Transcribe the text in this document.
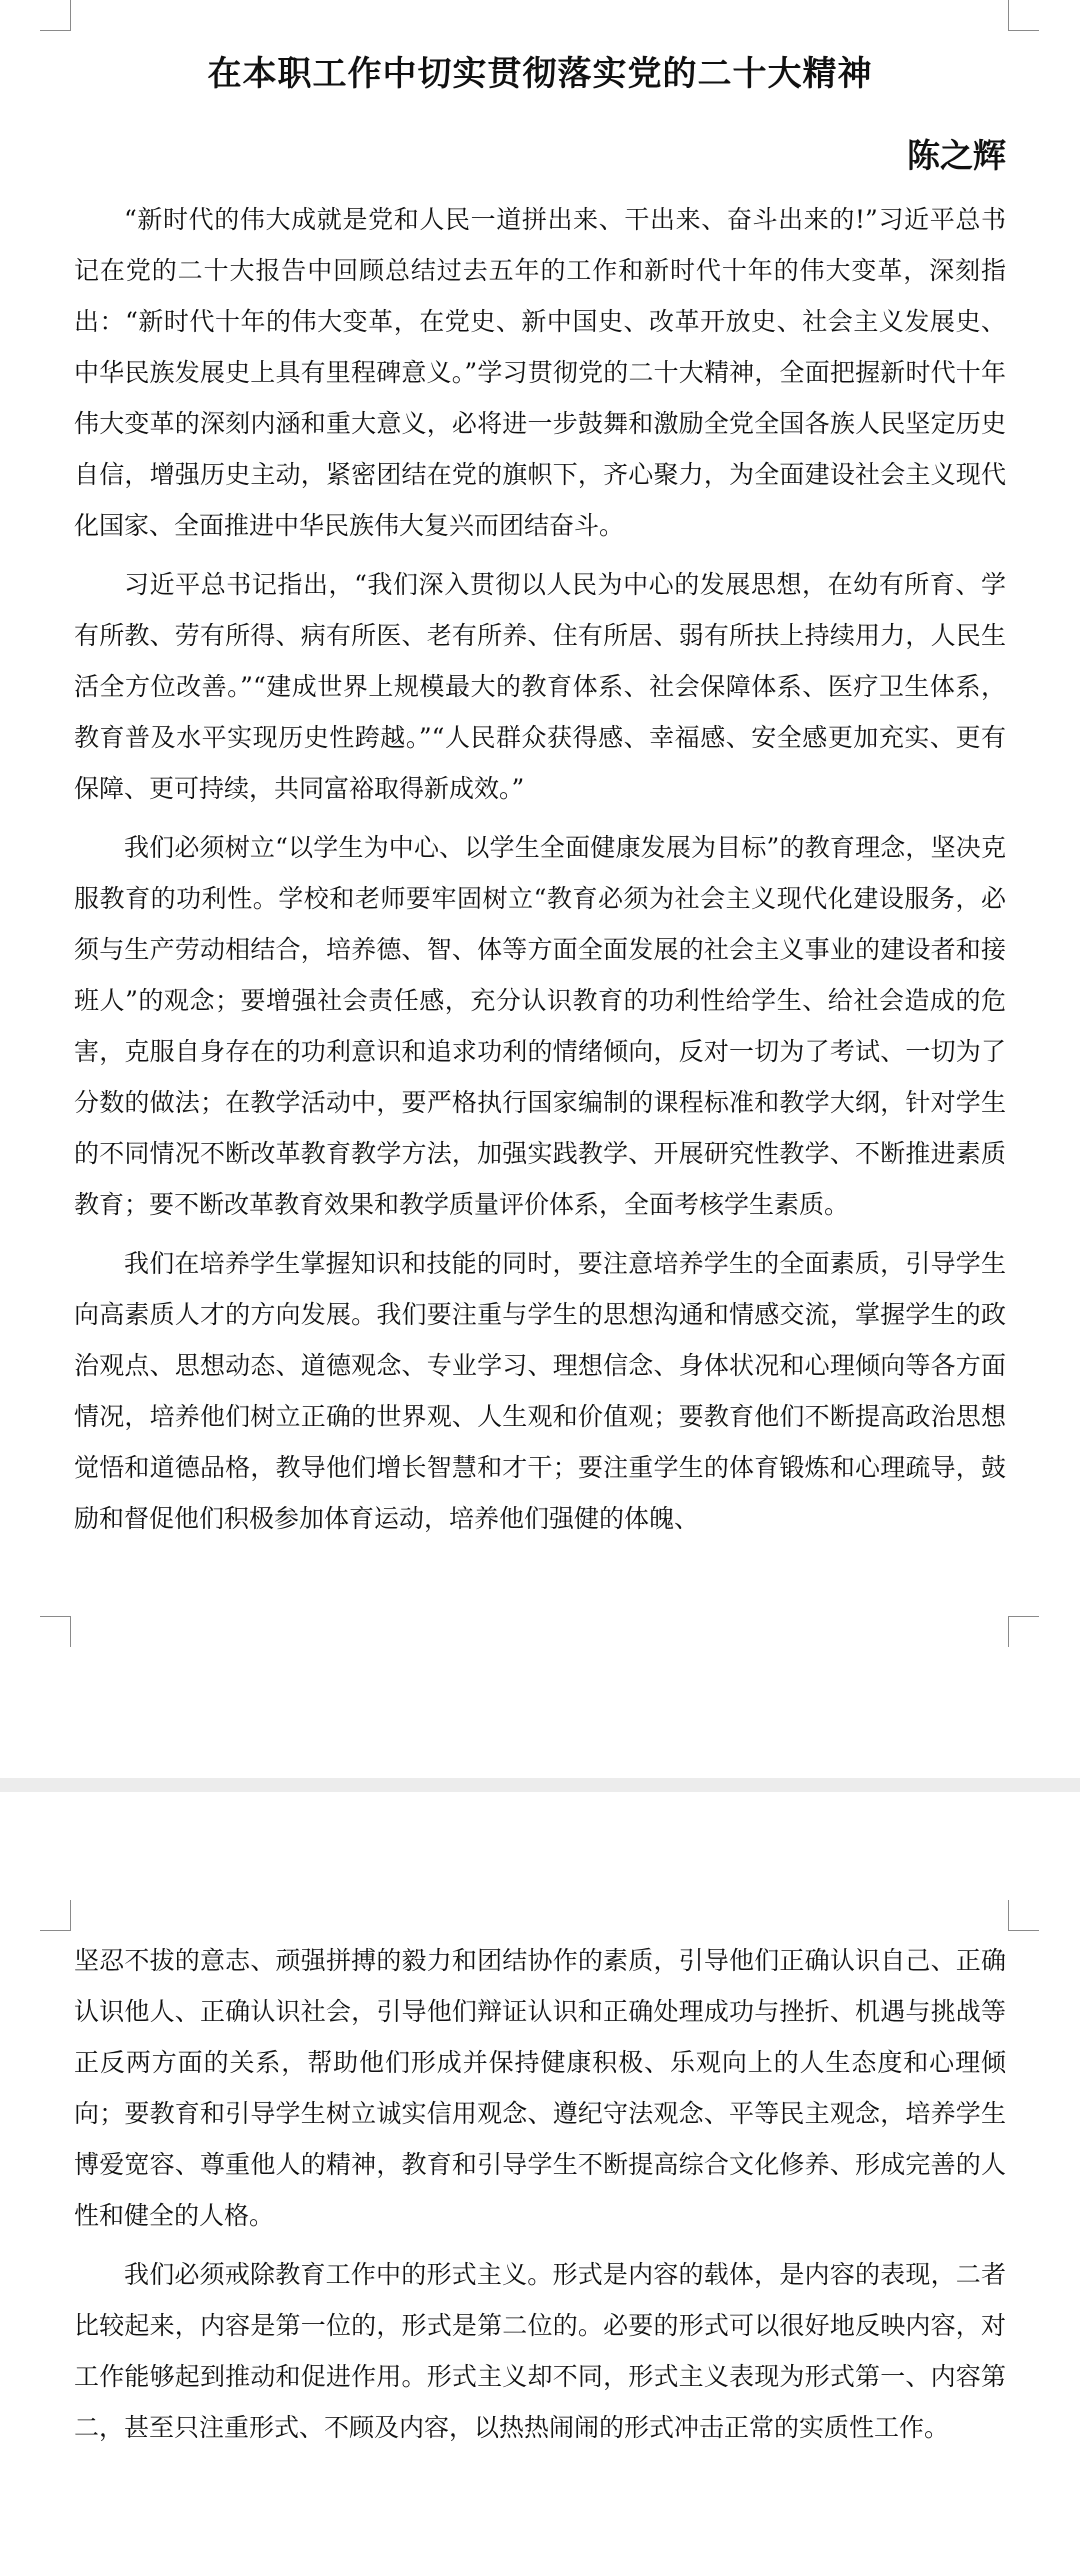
在本职工作中切实贯彻落实党的二十大精神
陈之辉

“新时代的伟大成就是党和人民一道拼出来、干出来、奋斗出来的!”习近平总书记在党的二十大报告中回顾总结过去五年的工作和新时代十年的伟大变革，深刻指出：“新时代十年的伟大变革，在党史、新中国史、改革开放史、社会主义发展史、中华民族发展史上具有里程碑意义。”学习贯彻党的二十大精神，全面把握新时代十年伟大变革的深刻内涵和重大意义，必将进一步鼓舞和激励全党全国各族人民坚定历史自信，增强历史主动，紧密团结在党的旗帜下，齐心聚力，为全面建设社会主义现代化国家、全面推进中华民族伟大复兴而团结奋斗。

习近平总书记指出，“我们深入贯彻以人民为中心的发展思想，在幼有所育、学有所教、劳有所得、病有所医、老有所养、住有所居、弱有所扶上持续用力，人民生活全方位改善。”“建成世界上规模最大的教育体系、社会保障体系、医疗卫生体系，教育普及水平实现历史性跨越。”“人民群众获得感、幸福感、安全感更加充实、更有保障、更可持续，共同富裕取得新成效。”

我们必须树立“以学生为中心、以学生全面健康发展为目标”的教育理念，坚决克服教育的功利性。学校和老师要牢固树立“教育必须为社会主义现代化建设服务，必须与生产劳动相结合，培养德、智、体等方面全面发展的社会主义事业的建设者和接班人”的观念；要增强社会责任感，充分认识教育的功利性给学生、给社会造成的危害，克服自身存在的功利意识和追求功利的情绪倾向，反对一切为了考试、一切为了分数的做法；在教学活动中，要严格执行国家编制的课程标准和教学大纲，针对学生的不同情况不断改革教育教学方法，加强实践教学、开展研究性教学、不断推进素质教育；要不断改革教育效果和教学质量评价体系，全面考核学生素质。

我们在培养学生掌握知识和技能的同时，要注意培养学生的全面素质，引导学生向高素质人才的方向发展。我们要注重与学生的思想沟通和情感交流，掌握学生的政治观点、思想动态、道德观念、专业学习、理想信念、身体状况和心理倾向等各方面情况，培养他们树立正确的世界观、人生观和价值观；要教育他们不断提高政治思想觉悟和道德品格，教导他们增长智慧和才干；要注重学生的体育锻炼和心理疏导，鼓励和督促他们积极参加体育运动，培养他们强健的体魄、

坚忍不拔的意志、顽强拼搏的毅力和团结协作的素质，引导他们正确认识自己、正确认识他人、正确认识社会，引导他们辩证认识和正确处理成功与挫折、机遇与挑战等正反两方面的关系，帮助他们形成并保持健康积极、乐观向上的人生态度和心理倾向；要教育和引导学生树立诚实信用观念、遵纪守法观念、平等民主观念，培养学生博爱宽容、尊重他人的精神，教育和引导学生不断提高综合文化修养、形成完善的人性和健全的人格。

我们必须戒除教育工作中的形式主义。形式是内容的载体，是内容的表现，二者比较起来，内容是第一位的，形式是第二位的。必要的形式可以很好地反映内容，对工作能够起到推动和促进作用。形式主义却不同，形式主义表现为形式第一、内容第二，甚至只注重形式、不顾及内容，以热热闹闹的形式冲击正常的实质性工作。
